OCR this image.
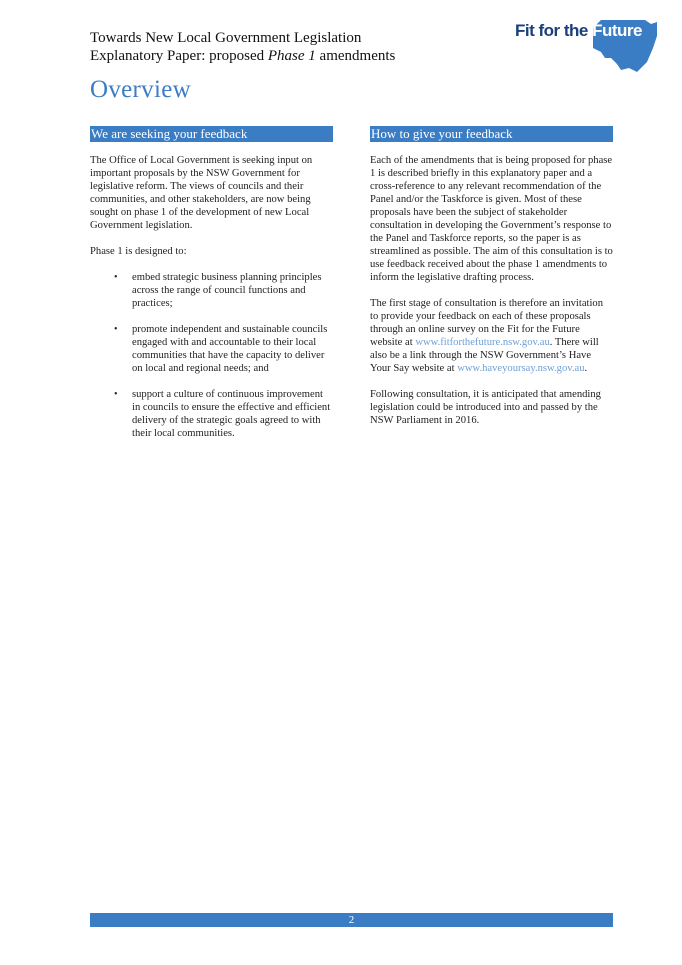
Towards New Local Government Legislation
Explanatory Paper: proposed Phase 1 amendments
Fit for the Future
Overview
We are seeking your feedback

The Office of Local Government is seeking input on important proposals by the NSW Government for legislative reform. The views of councils and their communities, and other stakeholders, are now being sought on phase 1 of the development of new Local Government legislation.

Phase 1 is designed to:

• embed strategic business planning principles across the range of council functions and practices;
• promote independent and sustainable councils engaged with and accountable to their local communities that have the capacity to deliver on local and regional needs; and
• support a culture of continuous improvement in councils to ensure the effective and efficient delivery of the strategic goals agreed to with their local communities.
How to give your feedback

Each of the amendments that is being proposed for phase 1 is described briefly in this explanatory paper and a cross-reference to any relevant recommendation of the Panel and/or the Taskforce is given. Most of these proposals have been the subject of stakeholder consultation in developing the Government’s response to the Panel and Taskforce reports, so the paper is as streamlined as possible. The aim of this consultation is to use feedback received about the phase 1 amendments to inform the legislative drafting process.

The first stage of consultation is therefore an invitation to provide your feedback on each of these proposals through an online survey on the Fit for the Future website at www.fitforthefuture.nsw.gov.au. There will also be a link through the NSW Government’s Have Your Say website at www.haveyoursay.nsw.gov.au.

Following consultation, it is anticipated that amending legislation could be introduced into and passed by the NSW Parliament in 2016.

2
